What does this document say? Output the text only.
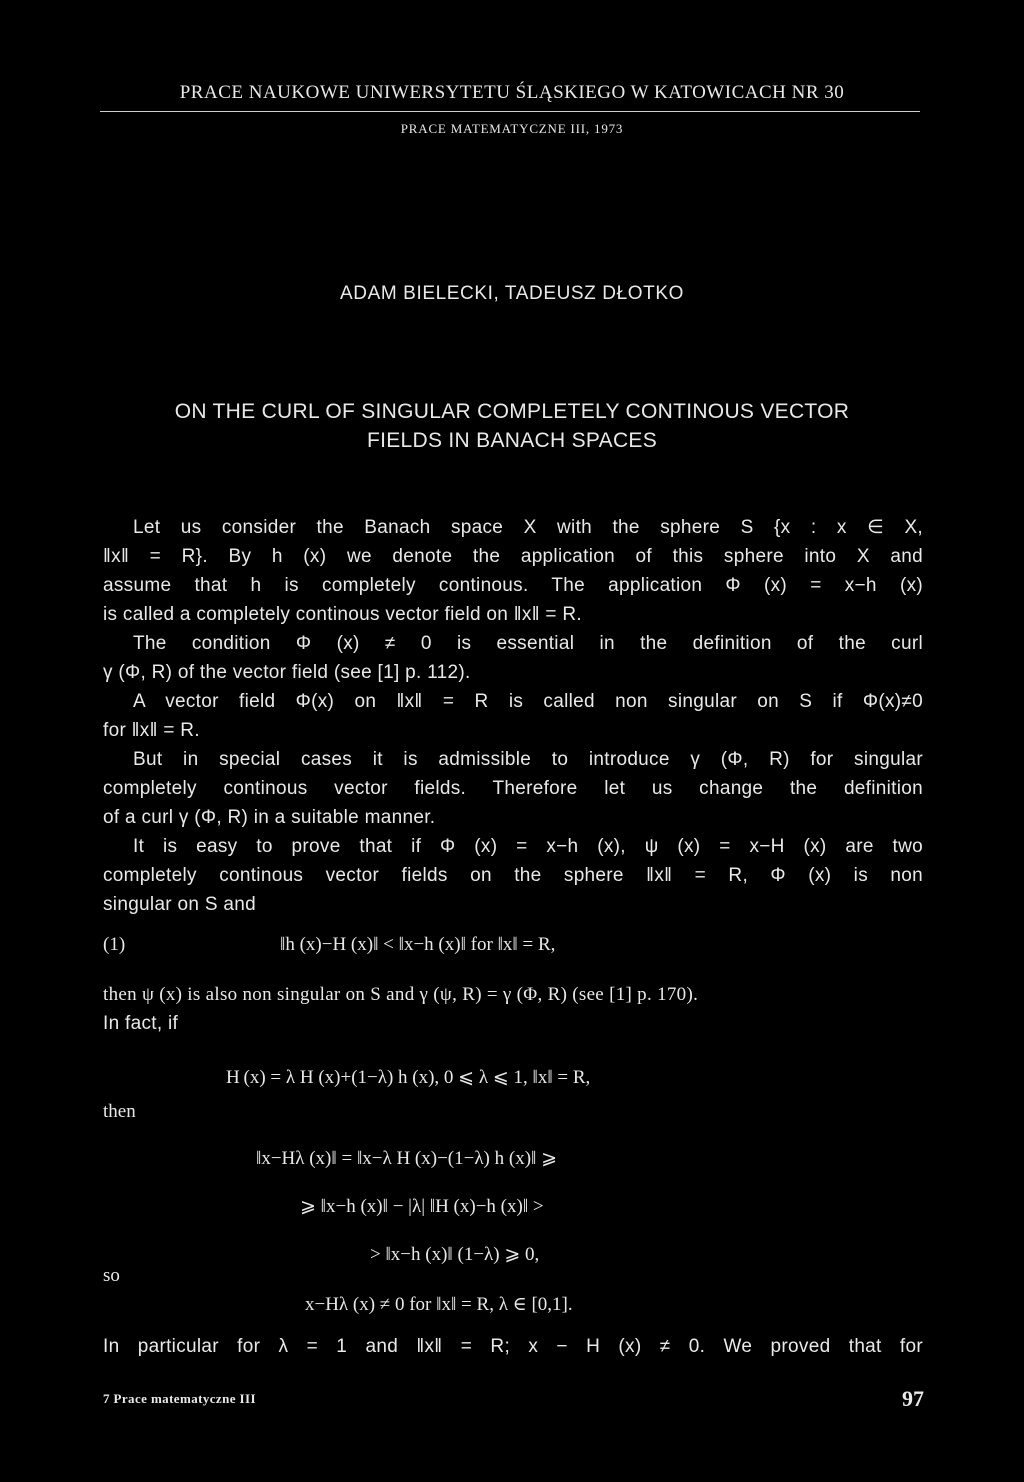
PRACE NAUKOWE UNIWERSYTETU ŚLĄSKIEGO W KATOWICACH NR 30
PRACE MATEMATYCZNE III, 1973
ADAM BIELECKI, TADEUSZ DŁOTKO
ON THE CURL OF SINGULAR COMPLETELY CONTINOUS VECTOR
FIELDS IN BANACH SPACES
Let us consider the Banach space X with the sphere S {x : x ∈ X,
‖x‖ = R}. By h (x) we denote the application of this sphere into X and
assume that h is completely continous. The application Φ (x) = x−h (x)
is called a completely continous vector field on ‖x‖ = R.
The condition Φ (x) ≠ 0 is essential in the definition of the curl
γ (Φ, R) of the vector field (see [1] p. 112).
A vector field Φ(x) on ‖x‖ = R is called non singular on S if Φ(x)≠0
for ‖x‖ = R.
But in special cases it is admissible to introduce γ (Φ, R) for singular
completely continous vector fields. Therefore let us change the definition
of a curl γ (Φ, R) in a suitable manner.
It is easy to prove that if Φ (x) = x−h (x), ψ (x) = x−H (x) are two
completely continous vector fields on the sphere ‖x‖ = R, Φ (x) is non
singular on S and
(1)	‖h (x)−H (x)‖ < ‖x−h (x)‖ for ‖x‖ = R,
then ψ (x) is also non singular on S and γ (ψ, R) = γ (Φ, R) (see [1] p. 170).
In fact, if
H (x) = λ H (x)+(1−λ) h (x), 0 ⩽ λ ⩽ 1, ‖x‖ = R,
then
‖x−Hλ (x)‖ = ‖x−λ H (x)−(1−λ) h (x)‖ ⩾
⩾ ‖x−h (x)‖ − |λ| ‖H (x)−h (x)‖ >
> ‖x−h (x)‖ (1−λ) ⩾ 0,
so
x−Hλ (x) ≠ 0 for ‖x‖ = R, λ ∈ [0,1].
In particular for λ = 1 and ‖x‖ = R; x − H (x) ≠ 0. We proved that for
7 Prace matematyczne III	97
